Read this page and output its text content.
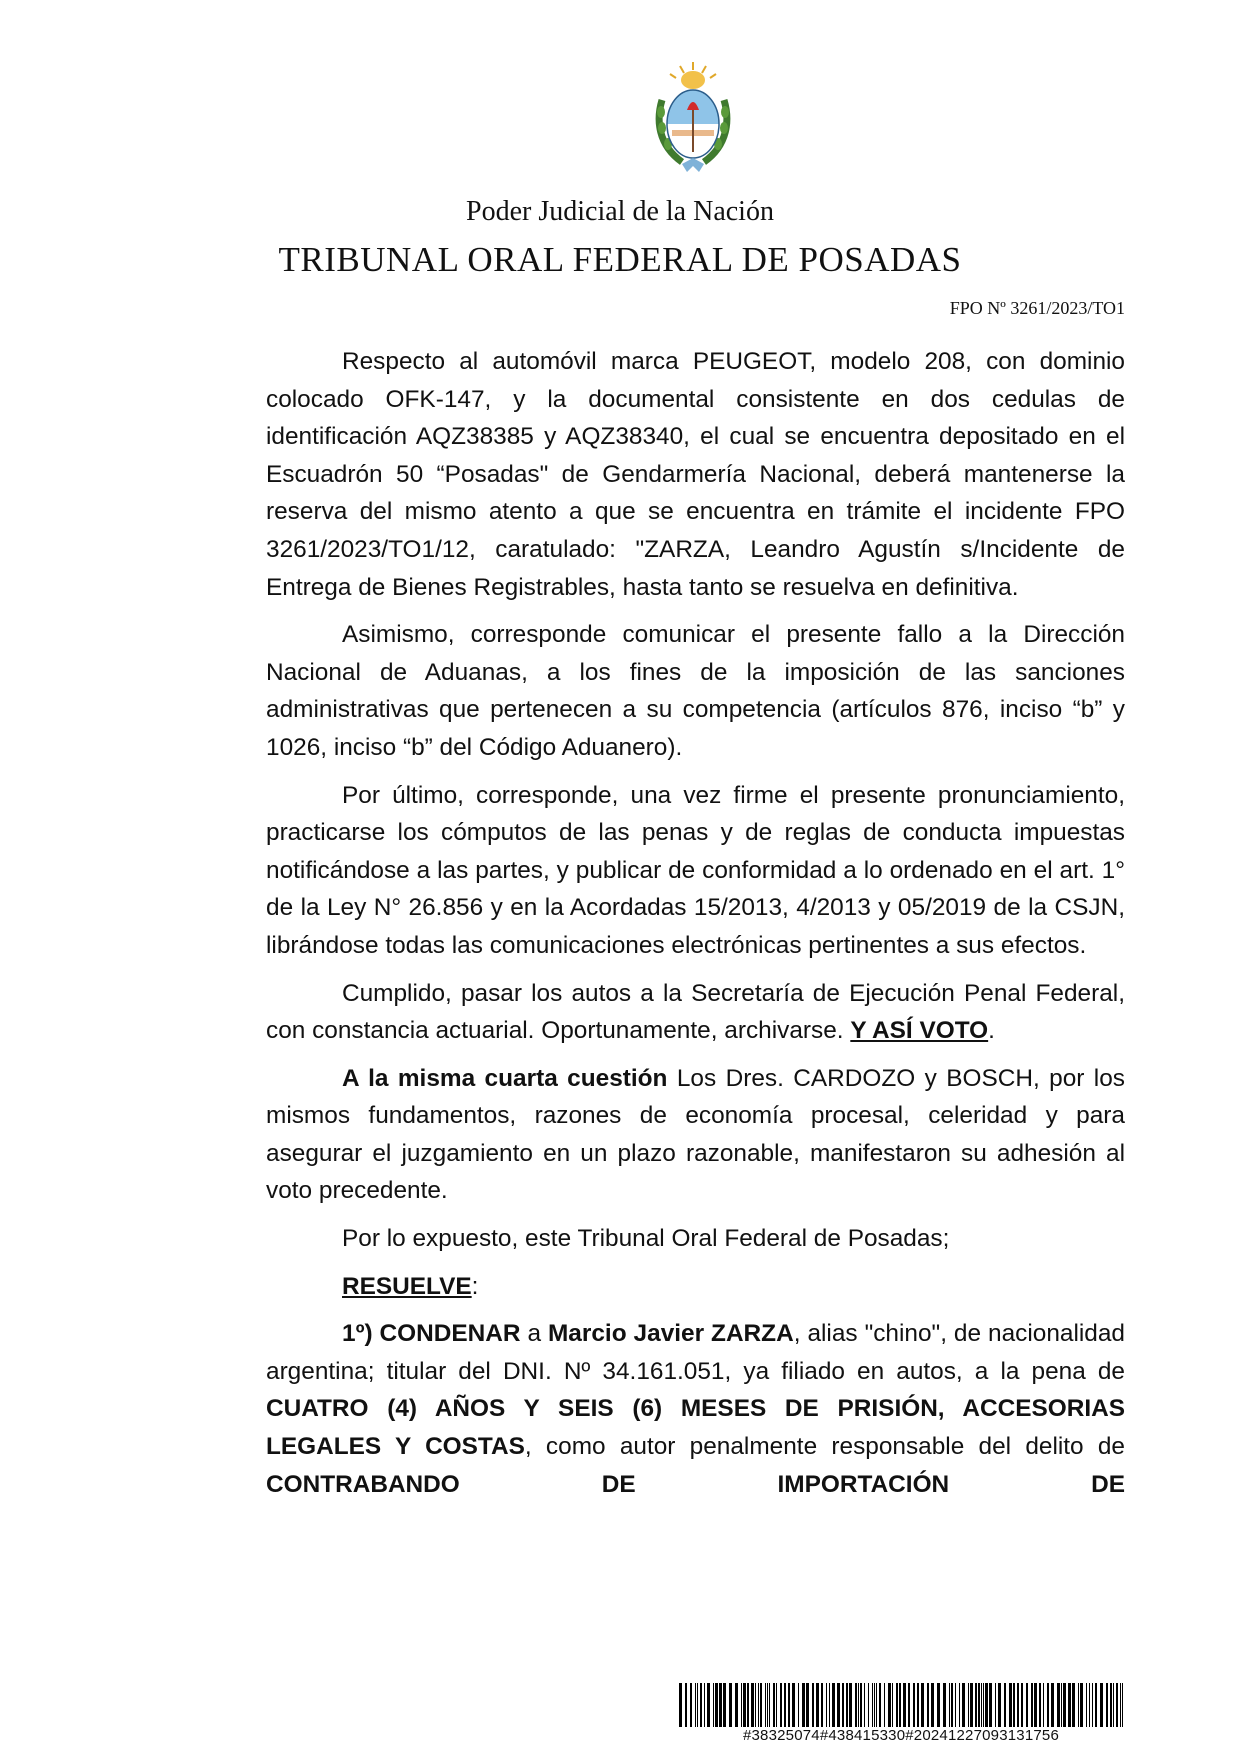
Poder Judicial de la Nación
TRIBUNAL ORAL FEDERAL DE POSADAS
FPO Nº 3261/2023/TO1

Respecto al automóvil marca PEUGEOT, modelo 208, con dominio colocado OFK-147, y la documental consistente en dos cedulas de identificación AQZ38385 y AQZ38340, el cual se encuentra depositado en el Escuadrón 50 “Posadas" de Gendarmería Nacional, deberá mantenerse la reserva del mismo atento a que se encuentra en trámite el incidente FPO 3261/2023/TO1/12, caratulado: "ZARZA, Leandro Agustín s/Incidente de Entrega de Bienes Registrables, hasta tanto se resuelva en definitiva.

Asimismo, corresponde comunicar el presente fallo a la Dirección Nacional de Aduanas, a los fines de la imposición de las sanciones administrativas que pertenecen a su competencia (artículos 876, inciso “b” y 1026, inciso “b” del Código Aduanero).

Por último, corresponde, una vez firme el presente pronunciamiento, practicarse los cómputos de las penas y de reglas de conducta impuestas notificándose a las partes, y publicar de conformidad a lo ordenado en el art. 1° de la Ley N° 26.856 y en la Acordadas 15/2013, 4/2013 y 05/2019 de la CSJN, librándose todas las comunicaciones electrónicas pertinentes a sus efectos.

Cumplido, pasar los autos a la Secretaría de Ejecución Penal Federal, con constancia actuarial. Oportunamente, archivarse. Y ASÍ VOTO.

A la misma cuarta cuestión Los Dres. CARDOZO y BOSCH, por los mismos fundamentos, razones de economía procesal, celeridad y para asegurar el juzgamiento en un plazo razonable, manifestaron su adhesión al voto precedente.

Por lo expuesto, este Tribunal Oral Federal de Posadas;

RESUELVE:

1º) CONDENAR a Marcio Javier ZARZA, alias "chino", de nacionalidad argentina; titular del DNI. Nº 34.161.051, ya filiado en autos, a la pena de CUATRO (4) AÑOS Y SEIS (6) MESES DE PRISIÓN, ACCESORIAS LEGALES Y COSTAS, como autor penalmente responsable del delito de CONTRABANDO DE IMPORTACIÓN DE

#38325074#438415330#20241227093131756
